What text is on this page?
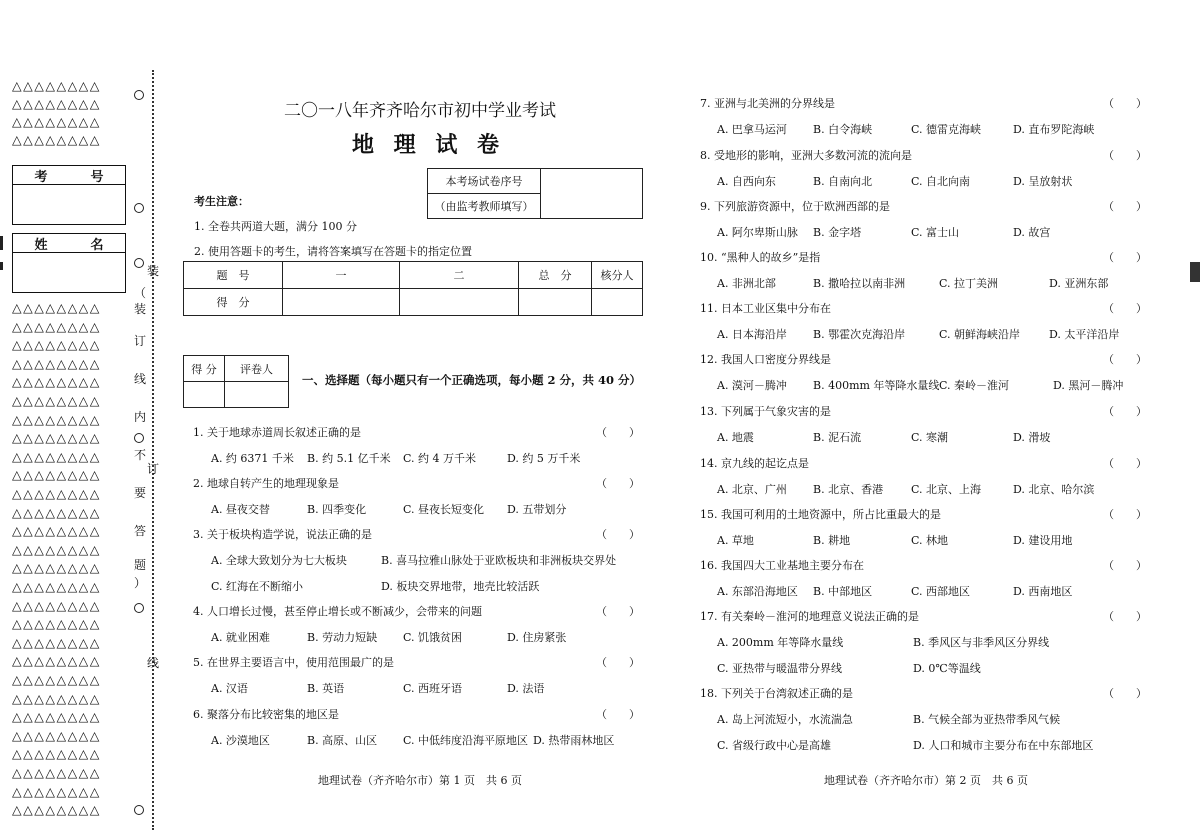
△△△△△△△△
△△△△△△△△
△△△△△△△△
△△△△△△△△
考	号
姓	名
△△△△△△△△
△△△△△△△△
△△△△△△△△
△△△△△△△△
△△△△△△△△
△△△△△△△△
△△△△△△△△
△△△△△△△△
△△△△△△△△
△△△△△△△△
△△△△△△△△
△△△△△△△△
△△△△△△△△
△△△△△△△△
△△△△△△△△
△△△△△△△△
△△△△△△△△
△△△△△△△△
△△△△△△△△
△△△△△△△△
△△△△△△△△
△△△△△△△△
△△△△△△△△
△△△△△△△△
△△△△△△△△
△△△△△△△△
△△△△△△△△
△△△△△△△△
装
（
装
订
线
内
不
订
要
答
题
）
线
二〇一八年齐齐哈尔市初中学业考试
地 理 试 卷
本考场试卷序号	
（由监考教师填写）
考生注意：
1. 全卷共两道大题，满分 100 分
2. 使用答题卡的考生，请将答案填写在答题卡的指定位置
题　号	一	二	总　分	核分人
得　分				
得 分	评卷人

一、选择题（每小题只有一个正确选项，每小题 2 分，共 40 分）
1. 关于地球赤道周长叙述正确的是	（　　）
A. 约 6371 千米 B. 约 5.1 亿千米 C. 约 4 万千米	D. 约 5 万千米
2. 地球自转产生的地理现象是	（　　）
A. 昼夜交替	B. 四季变化	C. 昼夜长短变化 D. 五带划分
3. 关于板块构造学说，说法正确的是	（　　）
A. 全球大致划分为七大板块	B. 喜马拉雅山脉处于亚欧板块和非洲板块交界处
C. 红海在不断缩小	D. 板块交界地带，地壳比较活跃
4. 人口增长过慢，甚至停止增长或不断减少，会带来的问题	（　　）
A. 就业困难	B. 劳动力短缺 C. 饥饿贫困	D. 住房紧张
5. 在世界主要语言中，使用范围最广的是	（　　）
A. 汉语	B. 英语	C. 西班牙语	D. 法语
6. 聚落分布比较密集的地区是	（　　）
A. 沙漠地区	B. 高原、山区 C. 中低纬度沿海平原地区 D. 热带雨林地区
地理试卷（齐齐哈尔市）第 1 页　共 6 页
7. 亚洲与北美洲的分界线是	（　　）
A. 巴拿马运河 B. 白令海峡	C. 德雷克海峡	D. 直布罗陀海峡
8. 受地形的影响，亚洲大多数河流的流向是	（　　）
A. 自西向东	B. 自南向北	C. 自北向南	D. 呈放射状
9. 下列旅游资源中，位于欧洲西部的是	（　　）
A. 阿尔卑斯山脉 B. 金字塔	C. 富士山	D. 故宫
10. “黑种人的故乡”是指	（　　）
A. 非洲北部	B. 撒哈拉以南非洲	C. 拉丁美洲	D. 亚洲东部
11. 日本工业区集中分布在	（　　）
A. 日本海沿岸 B. 鄂霍次克海沿岸	C. 朝鲜海峡沿岸	D. 太平洋沿岸
12. 我国人口密度分界线是	（　　）
A. 漠河－腾冲 B. 400mm 年等降水量线 C. 秦岭－淮河	D. 黑河－腾冲
13. 下列属于气象灾害的是	（　　）
A. 地震	B. 泥石流	C. 寒潮	D. 滑坡
14. 京九线的起讫点是	（　　）
A. 北京、广州 B. 北京、香港	C. 北京、上海	D. 北京、哈尔滨
15. 我国可利用的土地资源中，所占比重最大的是	（　　）
A. 草地	B. 耕地	C. 林地	D. 建设用地
16. 我国四大工业基地主要分布在	（　　）
A. 东部沿海地区 B. 中部地区	C. 西部地区	D. 西南地区
17. 有关秦岭－淮河的地理意义说法正确的是	（　　）
A. 200mm 年等降水量线	B. 季风区与非季风区分界线
C. 亚热带与暖温带分界线	D. 0℃等温线
18. 下列关于台湾叙述正确的是	（　　）
A. 岛上河流短小，水流湍急	B. 气候全部为亚热带季风气候
C. 省级行政中心是高雄	D. 人口和城市主要分布在中东部地区
地理试卷（齐齐哈尔市）第 2 页　共 6 页
